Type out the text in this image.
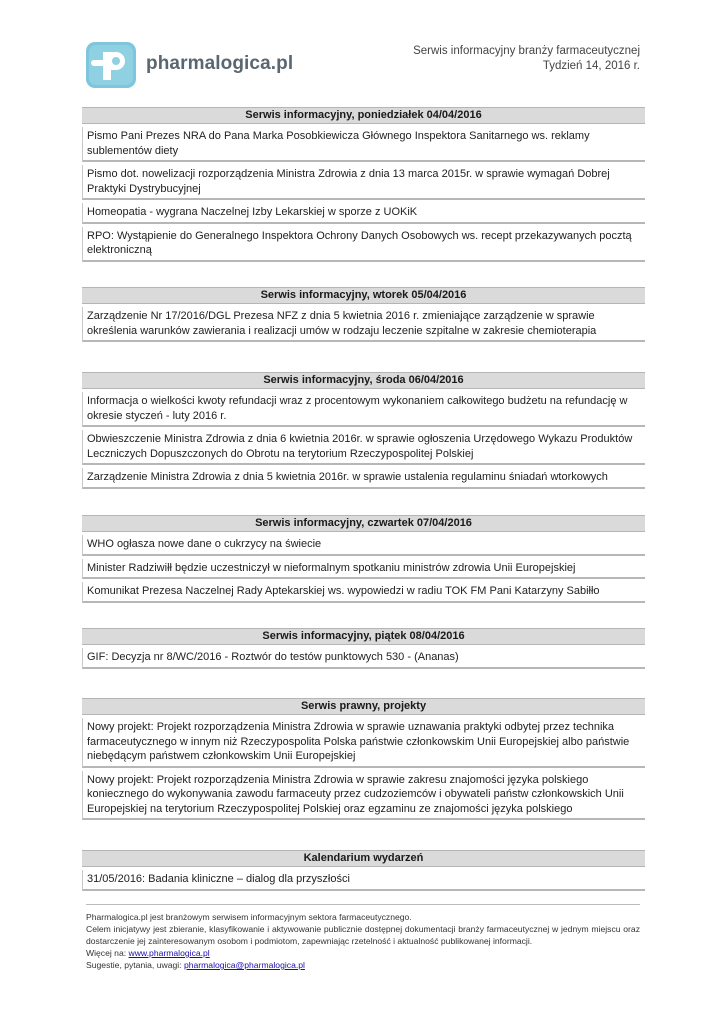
pharmalogica.pl
Serwis informacyjny branży farmaceutycznej
Tydzień 14, 2016 r.
Serwis informacyjny, poniedziałek 04/04/2016
Pismo Pani Prezes NRA do Pana Marka Posobkiewicza Głównego Inspektora Sanitarnego ws. reklamy sublementów diety
Pismo dot. nowelizacji rozporządzenia Ministra Zdrowia z dnia 13 marca 2015r. w sprawie wymagań Dobrej Praktyki Dystrybucyjnej
Homeopatia - wygrana Naczelnej Izby Lekarskiej w sporze z UOKiK
RPO: Wystąpienie do Generalnego Inspektora Ochrony Danych Osobowych ws. recept przekazywanych pocztą elektroniczną
Serwis informacyjny, wtorek 05/04/2016
Zarządzenie Nr 17/2016/DGL Prezesa NFZ z dnia 5 kwietnia 2016 r. zmieniające zarządzenie w sprawie określenia warunków zawierania i realizacji umów w rodzaju leczenie szpitalne w zakresie chemioterapia
Serwis informacyjny, środa 06/04/2016
Informacja o wielkości kwoty refundacji wraz z procentowym wykonaniem całkowitego budżetu na refundację w okresie styczeń - luty 2016 r.
Obwieszczenie Ministra Zdrowia z dnia 6 kwietnia 2016r. w sprawie ogłoszenia Urzędowego Wykazu Produktów Leczniczych Dopuszczonych do Obrotu na terytorium Rzeczypospolitej Polskiej
Zarządzenie Ministra Zdrowia z dnia 5 kwietnia 2016r. w sprawie ustalenia regulaminu śniadań wtorkowych
Serwis informacyjny, czwartek 07/04/2016
WHO ogłasza nowe dane o cukrzycy na świecie
Minister Radziwiłł będzie uczestniczył w nieformalnym spotkaniu ministrów zdrowia Unii Europejskiej
Komunikat Prezesa Naczelnej Rady Aptekarskiej ws. wypowiedzi w radiu TOK FM Pani Katarzyny Sabiłło
Serwis informacyjny, piątek 08/04/2016
GIF: Decyzja nr 8/WC/2016 - Roztwór do testów punktowych 530 - (Ananas)
Serwis prawny, projekty
Nowy projekt: Projekt rozporządzenia Ministra Zdrowia w sprawie uznawania praktyki odbytej przez technika farmaceutycznego w innym niż Rzeczypospolita Polska państwie członkowskim Unii Europejskiej albo państwie niebędącym państwem członkowskim Unii Europejskiej
Nowy projekt: Projekt rozporządzenia Ministra Zdrowia w sprawie zakresu znajomości języka polskiego koniecznego do wykonywania zawodu farmaceuty przez cudzoziemców i obywateli państw członkowskich Unii Europejskiej na terytorium Rzeczypospolitej Polskiej oraz egzaminu ze znajomości języka polskiego
Kalendarium wydarzeń
31/05/2016: Badania kliniczne – dialog dla przyszłości
Pharmalogica.pl jest branżowym serwisem informacyjnym sektora farmaceutycznego.
Celem inicjatywy jest zbieranie, klasyfikowanie i aktywowanie publicznie dostępnej dokumentacji branży farmaceutycznej w jednym miejscu oraz dostarczenie jej zainteresowanym osobom i podmiotom, zapewniając rzetelność i aktualność publikowanej informacji.
Więcej na: www.pharmalogica.pl
Sugestie, pytania, uwagi: pharmalogica@pharmalogica.pl
